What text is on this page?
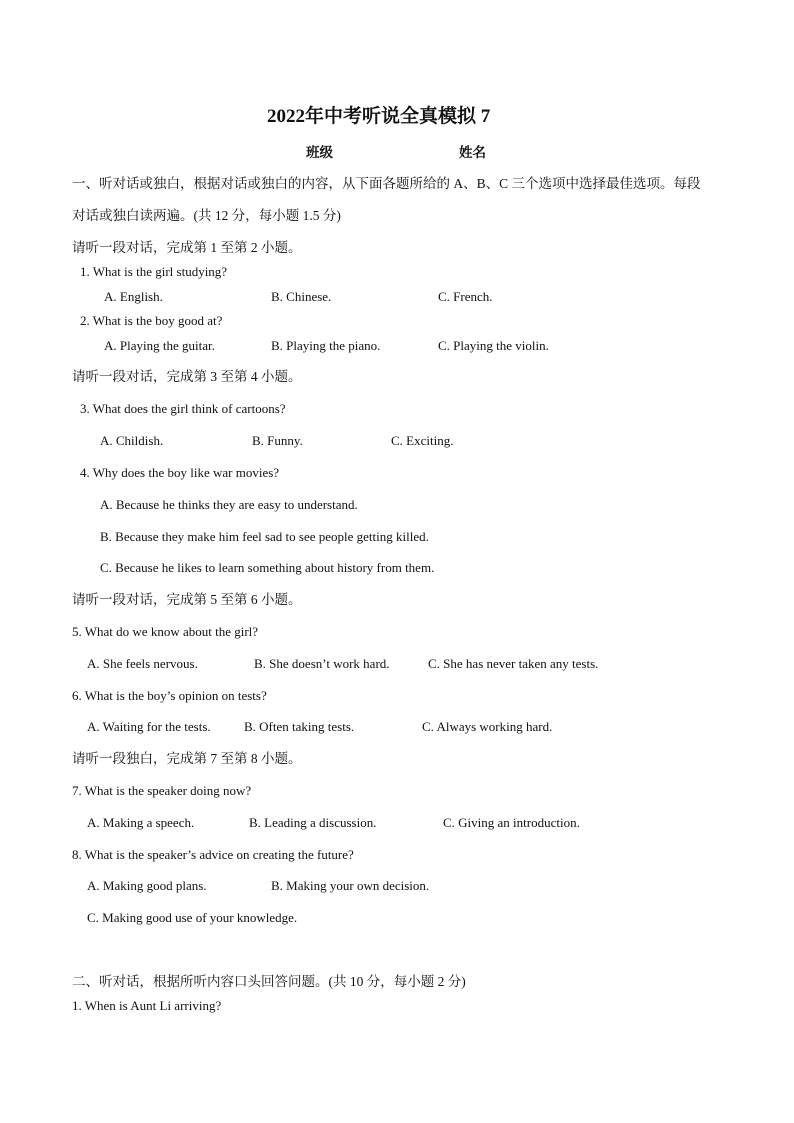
2022年中考听说全真模拟 7
班级	姓名
一、听对话或独白，根据对话或独白的内容，从下面各题所给的 A、B、C 三个选项中选择最佳选项。每段
对话或独白读两遍。(共 12 分，每小题 1.5 分)
请听一段对话，完成第 1 至第 2 小题。
1. What is the girl studying?
A. English.	B. Chinese.	C. French.
2. What is the boy good at?
A. Playing the guitar.	B. Playing the piano.	C. Playing the violin.
请听一段对话，完成第 3 至第 4 小题。
3. What does the girl think of cartoons?
A. Childish.	B. Funny.	C. Exciting.
4. Why does the boy like war movies?
A. Because he thinks they are easy to understand.
B. Because they make him feel sad to see people getting killed.
C. Because he likes to learn something about history from them.
请听一段对话，完成第 5 至第 6 小题。
5. What do we know about the girl?
A. She feels nervous.	B. She doesn’t work hard.	C. She has never taken any tests.
6. What is the boy’s opinion on tests?
A. Waiting for the tests.	B. Often taking tests.	C. Always working hard.
请听一段独白，完成第 7 至第 8 小题。
7. What is the speaker doing now?
A. Making a speech.	B. Leading a discussion.	C. Giving an introduction.
8. What is the speaker’s advice on creating the future?
A. Making good plans.	B. Making your own decision.
C. Making good use of your knowledge.
二、听对话，根据所听内容口头回答问题。(共 10 分，每小题 2 分)
1. When is Aunt Li arriving?
